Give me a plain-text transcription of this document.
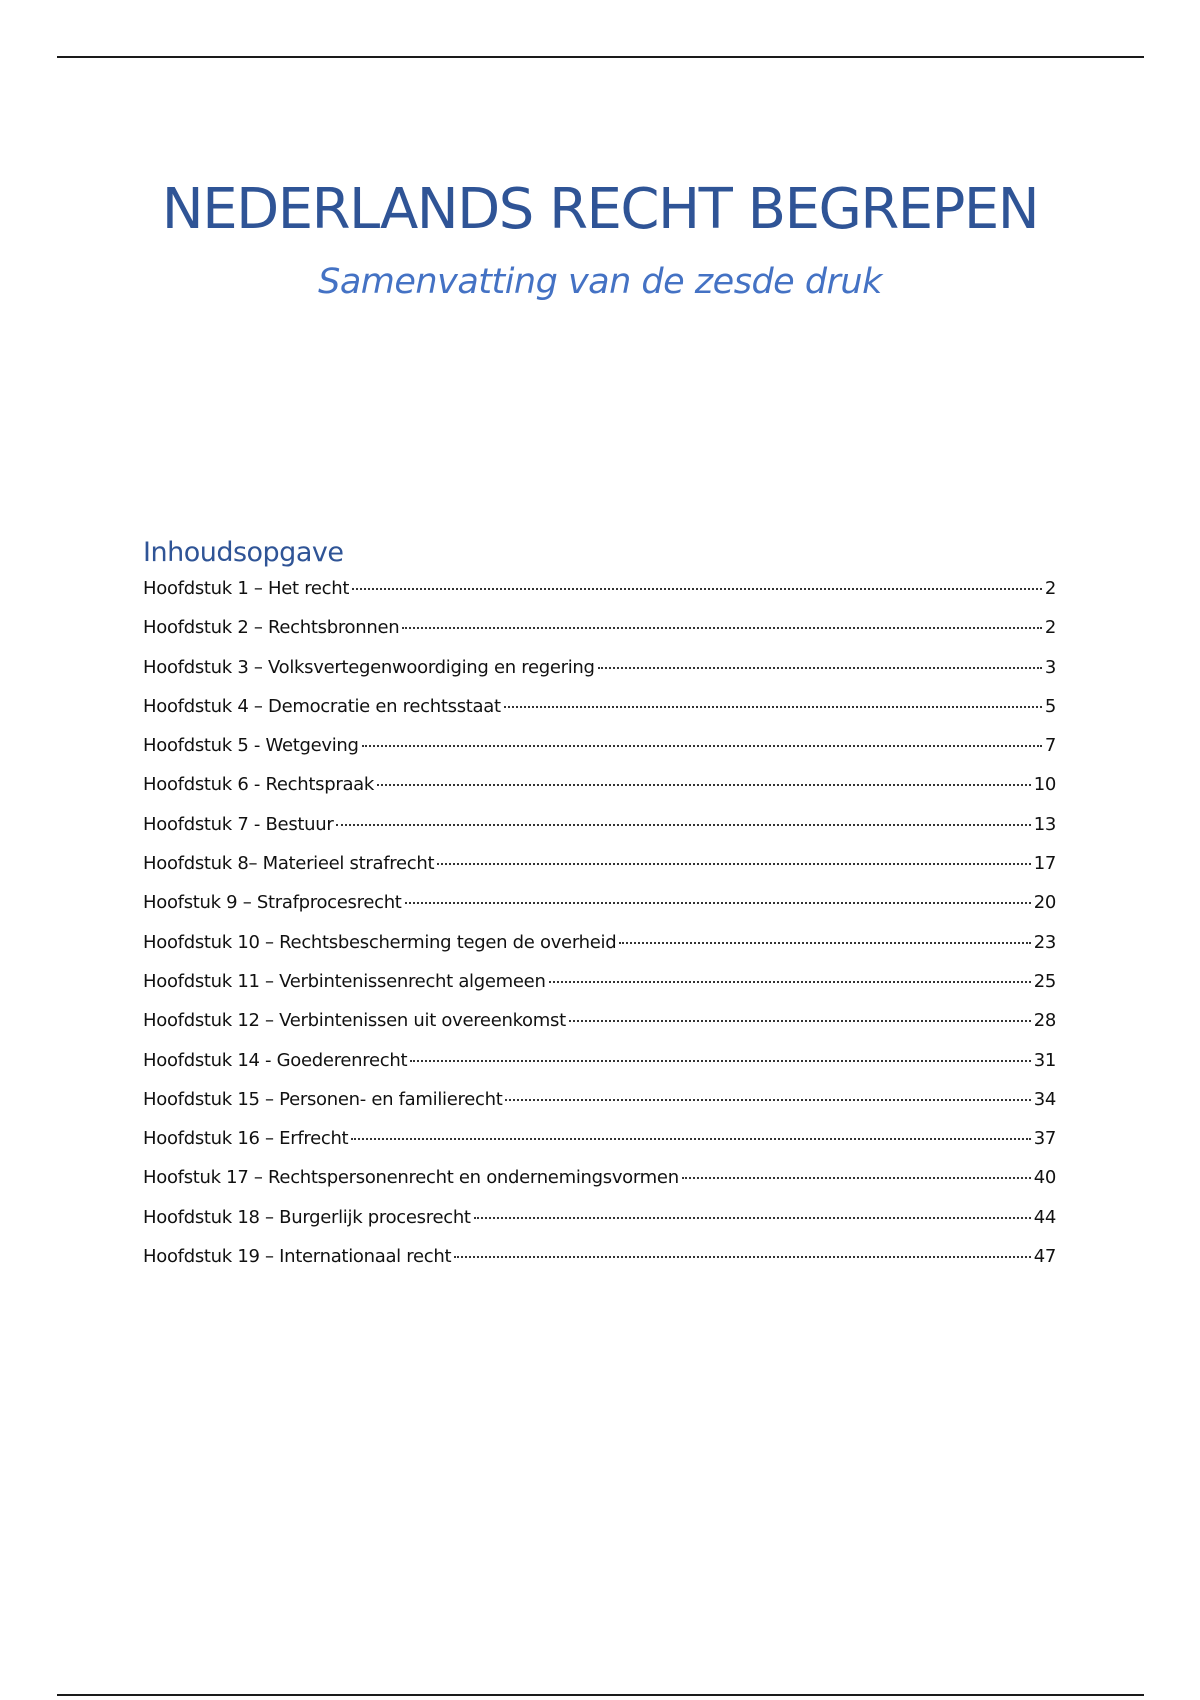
NEDERLANDS RECHT BEGREPEN
Samenvatting van de zesde druk
Inhoudsopgave
Hoofdstuk 1 – Het recht	2
Hoofdstuk 2 – Rechtsbronnen	2
Hoofdstuk 3 – Volksvertegenwoordiging en regering	3
Hoofdstuk 4 – Democratie en rechtsstaat	5
Hoofdstuk 5 - Wetgeving	7
Hoofdstuk 6 - Rechtspraak	10
Hoofdstuk 7 - Bestuur	13
Hoofdstuk 8– Materieel strafrecht	17
Hoofstuk 9 – Strafprocesrecht	20
Hoofdstuk 10 – Rechtsbescherming tegen de overheid	23
Hoofdstuk 11 – Verbintenissenrecht algemeen	25
Hoofdstuk 12 – Verbintenissen uit overeenkomst	28
Hoofdstuk 14 - Goederenrecht	31
Hoofdstuk 15 – Personen- en familierecht	34
Hoofdstuk 16 – Erfrecht	37
Hoofstuk 17 – Rechtspersonenrecht en ondernemingsvormen	40
Hoofdstuk 18 – Burgerlijk procesrecht	44
Hoofdstuk 19 – Internationaal recht	47
